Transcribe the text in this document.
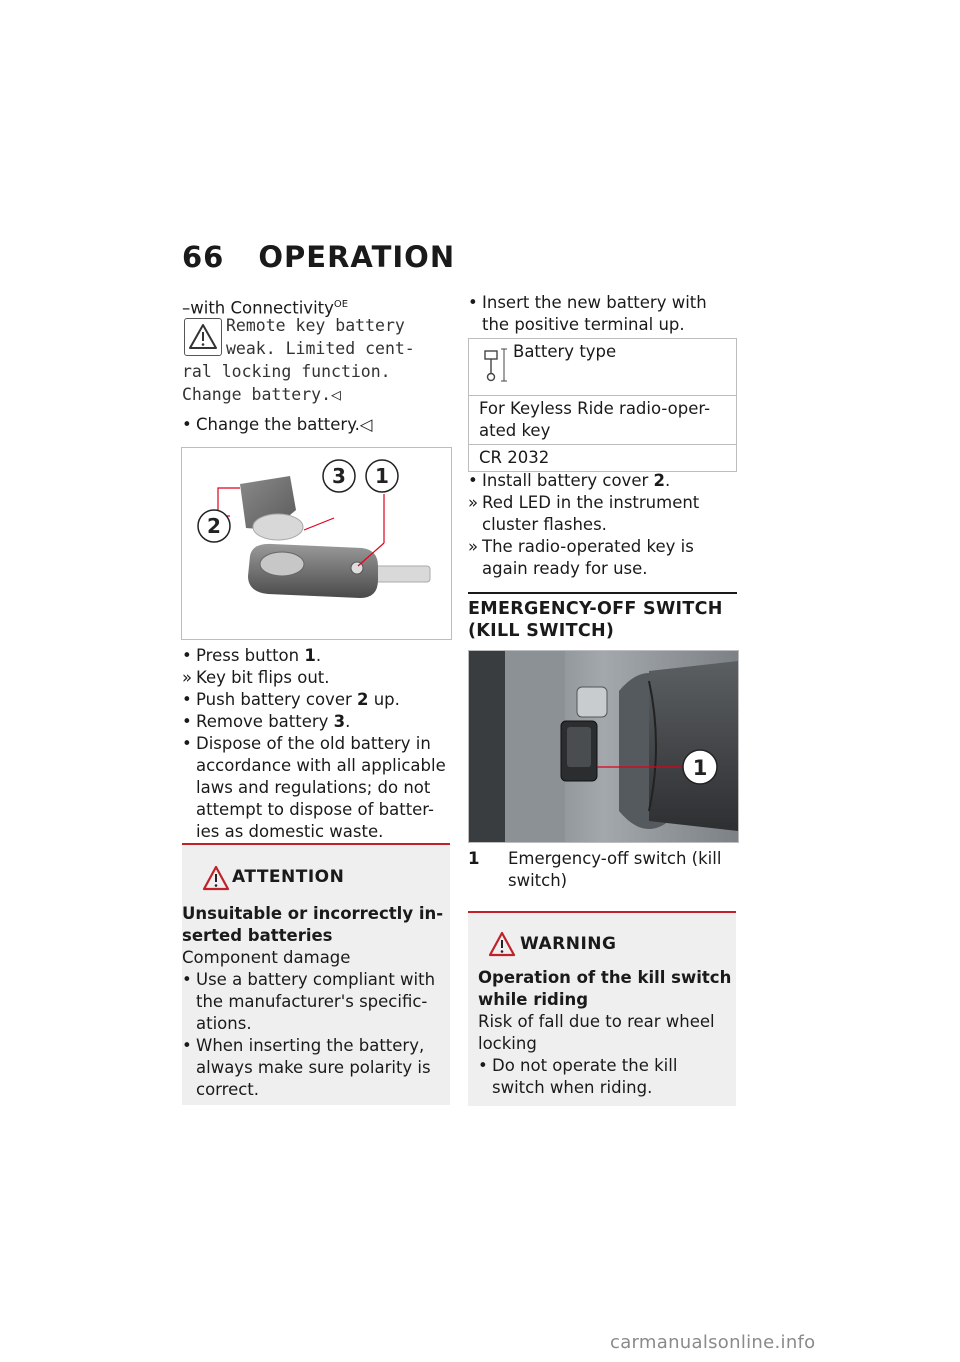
66 OPERATION
–with Connectivity$^{OE}$
Remote key battery
weak. Limited cent-
ral locking function.
Change battery.◁
• Change the battery.◁
2
3 1
• Press button 1.
» Key bit flips out.
• Push battery cover 2 up.
• Remove battery 3.
• Dispose of the old battery in
accordance with all applicable
laws and regulations; do not
attempt to dispose of batter-
ies as domestic waste.
ATTENTION
Unsuitable or incorrectly in-
serted batteries
Component damage
• Use a battery compliant with
the manufacturer's specific-
ations.
• When inserting the battery,
always make sure polarity is
correct.
• Insert the new battery with
the positive terminal up.
Battery type

For Keyless Ride radio-oper-
ated key

CR 2032
• Install battery cover 2.
» Red LED in the instrument
cluster flashes.
» The radio-operated key is
again ready for use.
EMERGENCY-OFF SWITCH
(KILL SWITCH)
1
1 Emergency-off switch (kill
switch)
WARNING
Operation of the kill switch
while riding
Risk of fall due to rear wheel
locking
• Do not operate the kill
switch when riding.
carmanualsonline.info
